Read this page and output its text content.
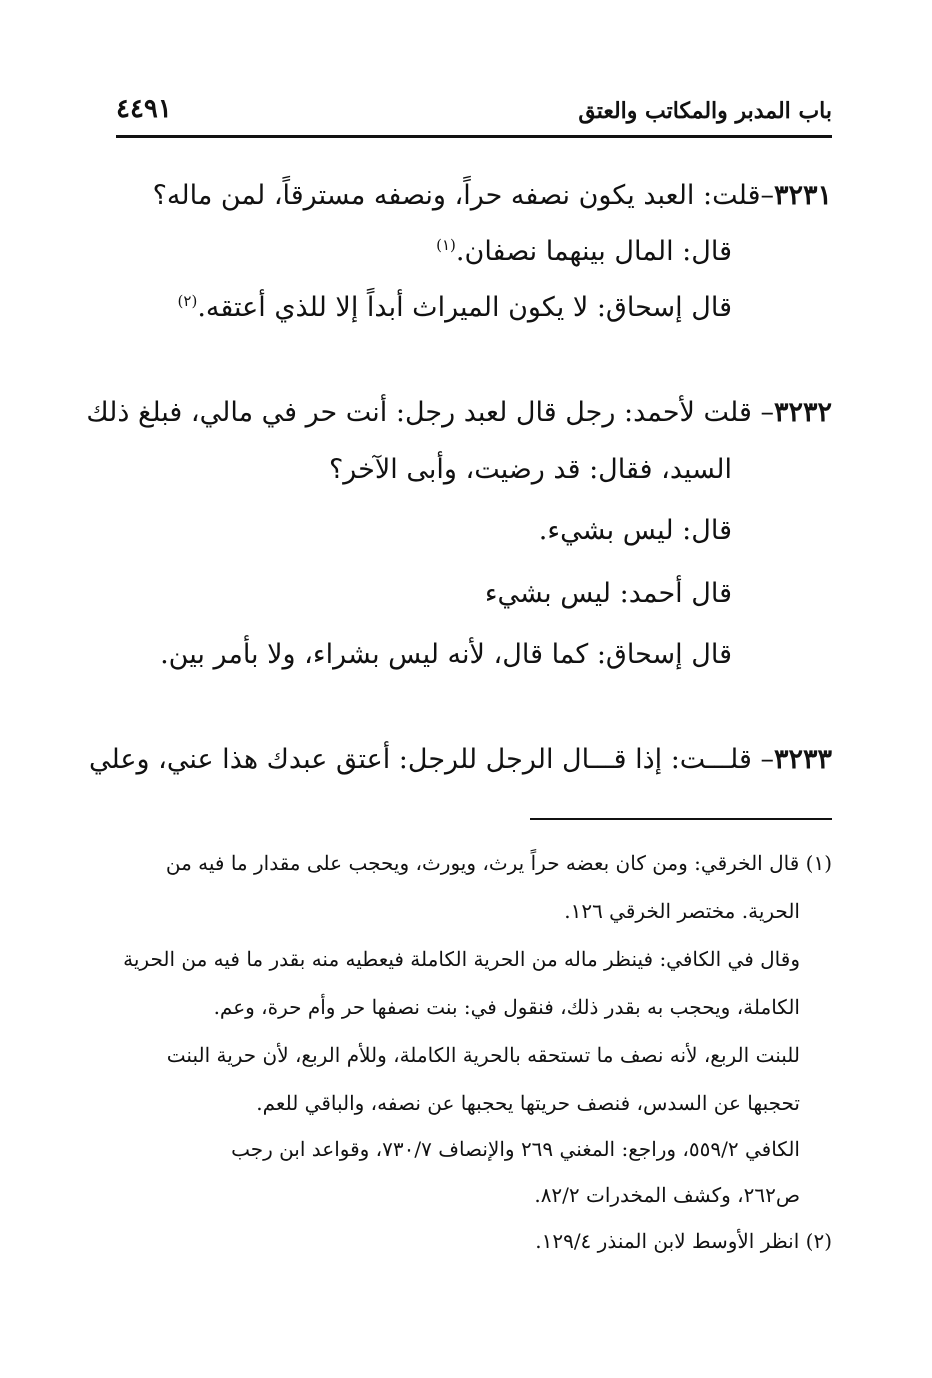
باب المدبر والمكاتب والعتق
٤٤٩١
٣٢٣١–قلت: العبد يكون نصفه حراً، ونصفه مسترقاً، لمن ماله؟
قال: المال بينهما نصفان.$^{(١)}$
قال إسحاق: لا يكون الميراث أبداً إلا للذي أعتقه.$^{(٢)}$
٣٢٣٢– قلت لأحمد: رجل قال لعبد رجل: أنت حر في مالي، فبلغ ذلك
السيد، فقال: قد رضيت، وأبى الآخر؟
قال: ليس بشيء.
قال أحمد: ليس بشيء
قال إسحاق: كما قال، لأنه ليس بشراء، ولا بأمر بين.
٣٢٣٣– قلـــت: إذا قـــال الرجل للرجل: أعتق عبدك هذا عني، وعلي
(١) قال الخرقي: ومن كان بعضه حراً يرث، ويورث، ويحجب على مقدار ما فيه من
الحرية. مختصر الخرقي ١٢٦.
وقال في الكافي: فينظر ماله من الحرية الكاملة فيعطيه منه بقدر ما فيه من الحرية
الكاملة، ويحجب به بقدر ذلك، فنقول في: بنت نصفها حر وأم حرة، وعم.
للبنت الربع، لأنه نصف ما تستحقه بالحرية الكاملة، وللأم الربع، لأن حرية البنت
تحجبها عن السدس، فنصف حريتها يحجبها عن نصفه، والباقي للعم.
الكافي ٥٥٩/٢، وراجع: المغني ٢٦٩ والإنصاف ٧٣٠/٧، وقواعد ابن رجب
ص٢٦٢، وكشف المخدرات ٨٢/٢.
(٢) انظر الأوسط لابن المنذر ١٢٩/٤.
